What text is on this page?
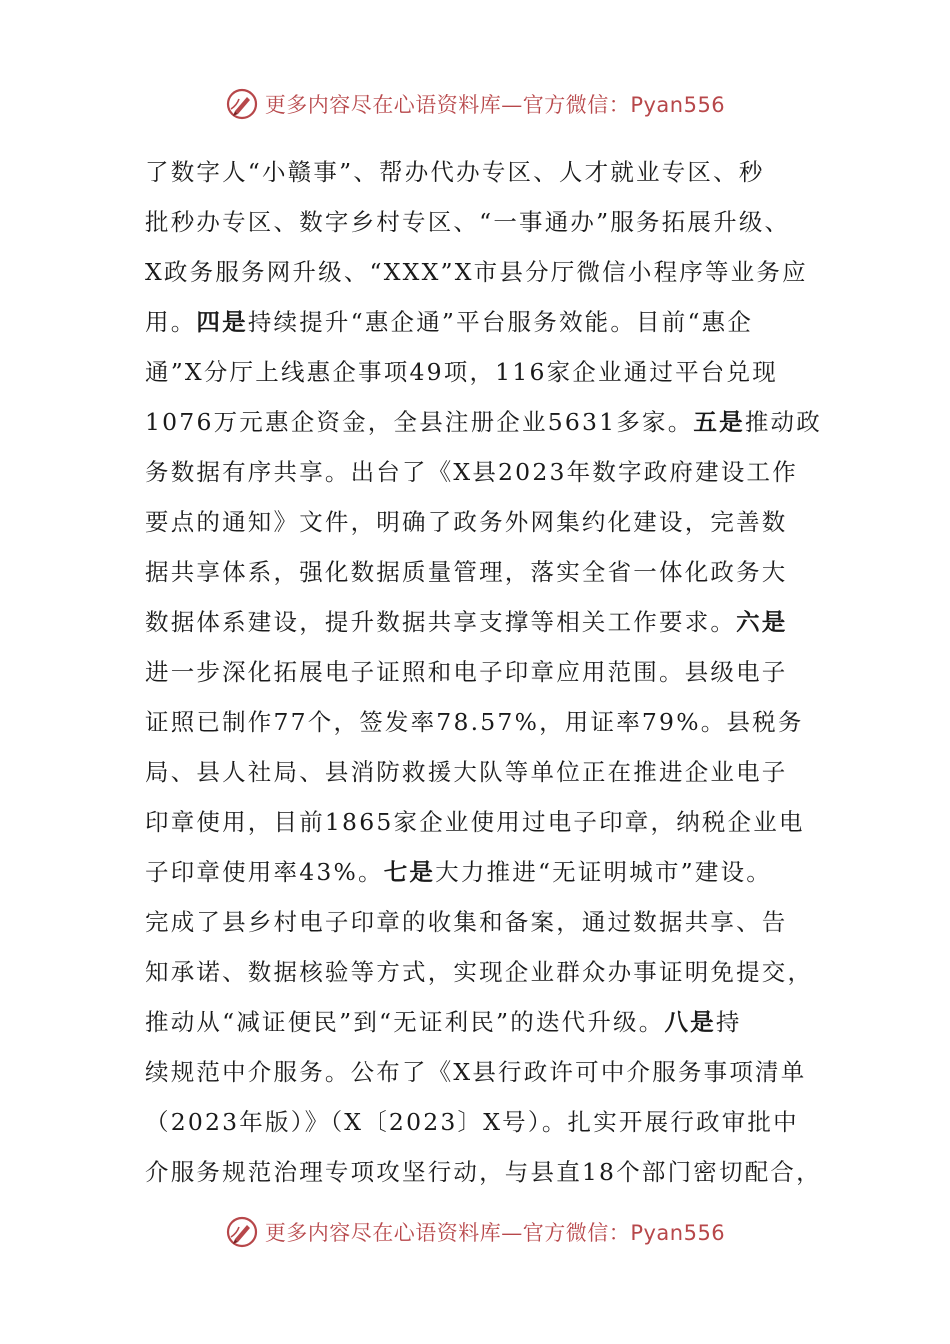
更多内容尽在心语资料库—官方微信：Pyan556
了数字人“小赣事”、帮办代办专区、人才就业专区、秒
批秒办专区、数字乡村专区、“一事通办”服务拓展升级、
X政务服务网升级、“XXX”X市县分厅微信小程序等业务应
用。四是持续提升“惠企通”平台服务效能。目前“惠企
通”X分厅上线惠企事项49项，116家企业通过平台兑现
1076万元惠企资金，全县注册企业5631多家。五是推动政
务数据有序共享。出台了《X县2023年数字政府建设工作
要点的通知》文件，明确了政务外网集约化建设，完善数
据共享体系，强化数据质量管理，落实全省一体化政务大
数据体系建设，提升数据共享支撑等相关工作要求。六是
进一步深化拓展电子证照和电子印章应用范围。县级电子
证照已制作77个，签发率78.57%，用证率79%。县税务
局、县人社局、县消防救援大队等单位正在推进企业电子
印章使用，目前1865家企业使用过电子印章，纳税企业电
子印章使用率43%。七是大力推进“无证明城市”建设。
完成了县乡村电子印章的收集和备案，通过数据共享、告
知承诺、数据核验等方式，实现企业群众办事证明免提交，
推动从“减证便民”到“无证利民”的迭代升级。八是持
续规范中介服务。公布了《X县行政许可中介服务事项清单
（2023年版）》（X〔2023〕X号）。扎实开展行政审批中
介服务规范治理专项攻坚行动，与县直18个部门密切配合，
更多内容尽在心语资料库—官方微信：Pyan556
